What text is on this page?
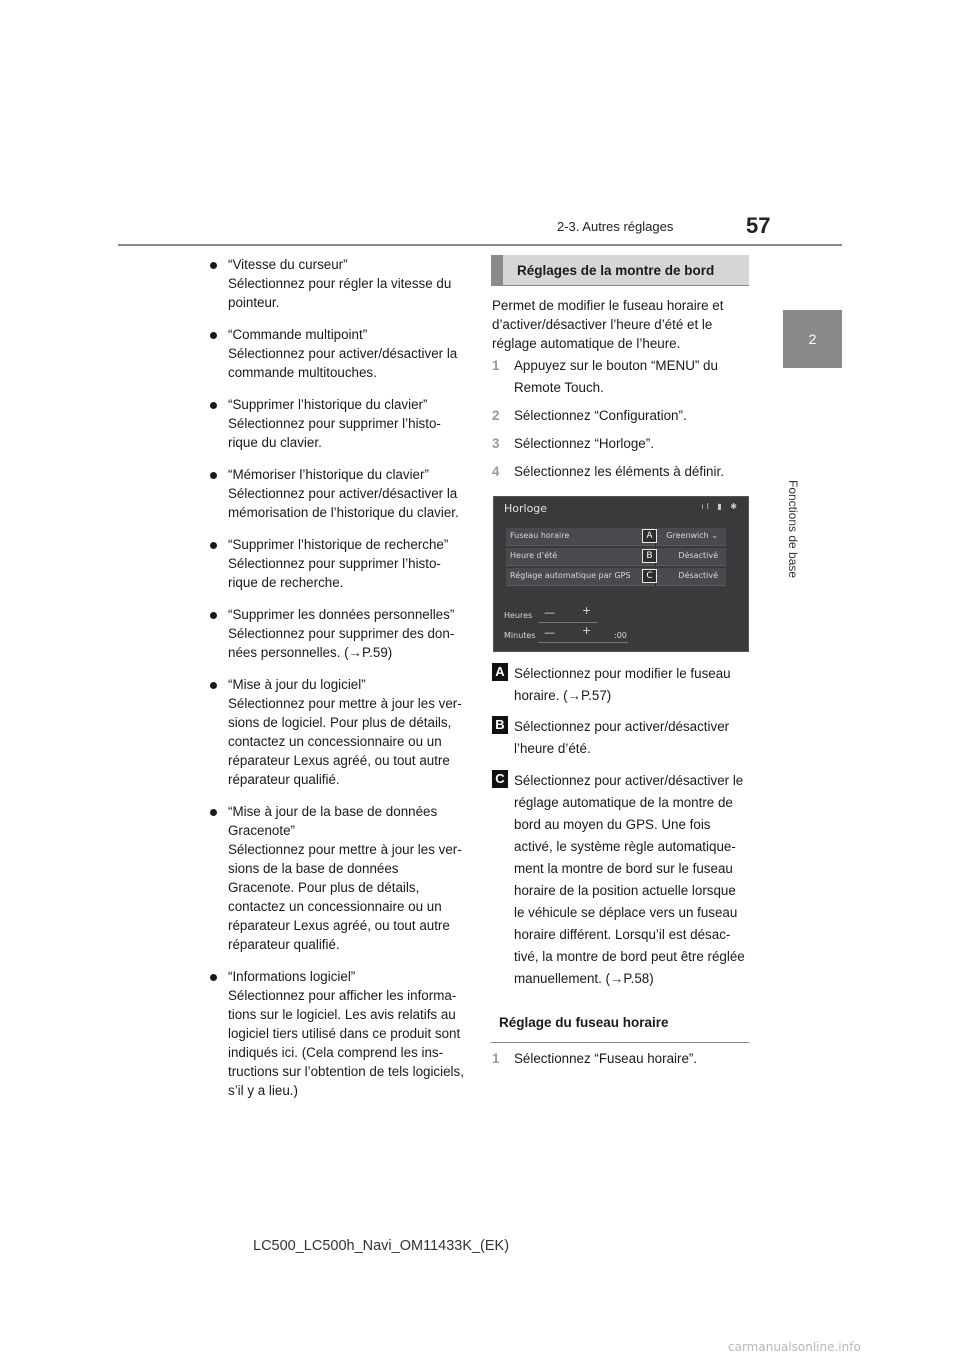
2-3. Autres réglages	57
2
Fonctions de base
“Vitesse du curseur”
Sélectionnez pour régler la vitesse du
pointeur.
“Commande multipoint”
Sélectionnez pour activer/désactiver la
commande multitouches.
“Supprimer l’historique du clavier”
Sélectionnez pour supprimer l’histo-
rique du clavier.
“Mémoriser l’historique du clavier”
Sélectionnez pour activer/désactiver la
mémorisation de l’historique du clavier.
“Supprimer l’historique de recherche”
Sélectionnez pour supprimer l’histo-
rique de recherche.
“Supprimer les données personnelles”
Sélectionnez pour supprimer des don-
nées personnelles. (→P.59)
“Mise à jour du logiciel”
Sélectionnez pour mettre à jour les ver-
sions de logiciel. Pour plus de détails,
contactez un concessionnaire ou un
réparateur Lexus agréé, ou tout autre
réparateur qualifié.
“Mise à jour de la base de données
Gracenote”
Sélectionnez pour mettre à jour les ver-
sions de la base de données
Gracenote. Pour plus de détails,
contactez un concessionnaire ou un
réparateur Lexus agréé, ou tout autre
réparateur qualifié.
“Informations logiciel”
Sélectionnez pour afficher les informa-
tions sur le logiciel. Les avis relatifs au
logiciel tiers utilisé dans ce produit sont
indiqués ici. (Cela comprend les ins-
tructions sur l’obtention de tels logiciels,
s’il y a lieu.)
Réglages de la montre de bord
Permet de modifier le fuseau horaire et
d’activer/désactiver l’heure d’été et le
réglage automatique de l’heure.
1 Appuyez sur le bouton “MENU” du
Remote Touch.
2 Sélectionnez “Configuration”.
3 Sélectionnez “Horloge”.
4 Sélectionnez les éléments à définir.
Horloge	ıl ▮ ✱
Fuseau horaire	A	Greenwich ⌄
Heure d’été	B	Désactivé
Réglage automatique par GPS	C	Désactivé
Heures — +
Minutes — +	:00
A Sélectionnez pour modifier le fuseau
horaire. (→P.57)
B Sélectionnez pour activer/désactiver
l’heure d’été.
C Sélectionnez pour activer/désactiver le
réglage automatique de la montre de
bord au moyen du GPS. Une fois
activé, le système règle automatique-
ment la montre de bord sur le fuseau
horaire de la position actuelle lorsque
le véhicule se déplace vers un fuseau
horaire différent. Lorsqu’il est désac-
tivé, la montre de bord peut être réglée
manuellement. (→P.58)
Réglage du fuseau horaire
1 Sélectionnez “Fuseau horaire”.
LC500_LC500h_Navi_OM11433K_(EK)
carmanualsonline.info
